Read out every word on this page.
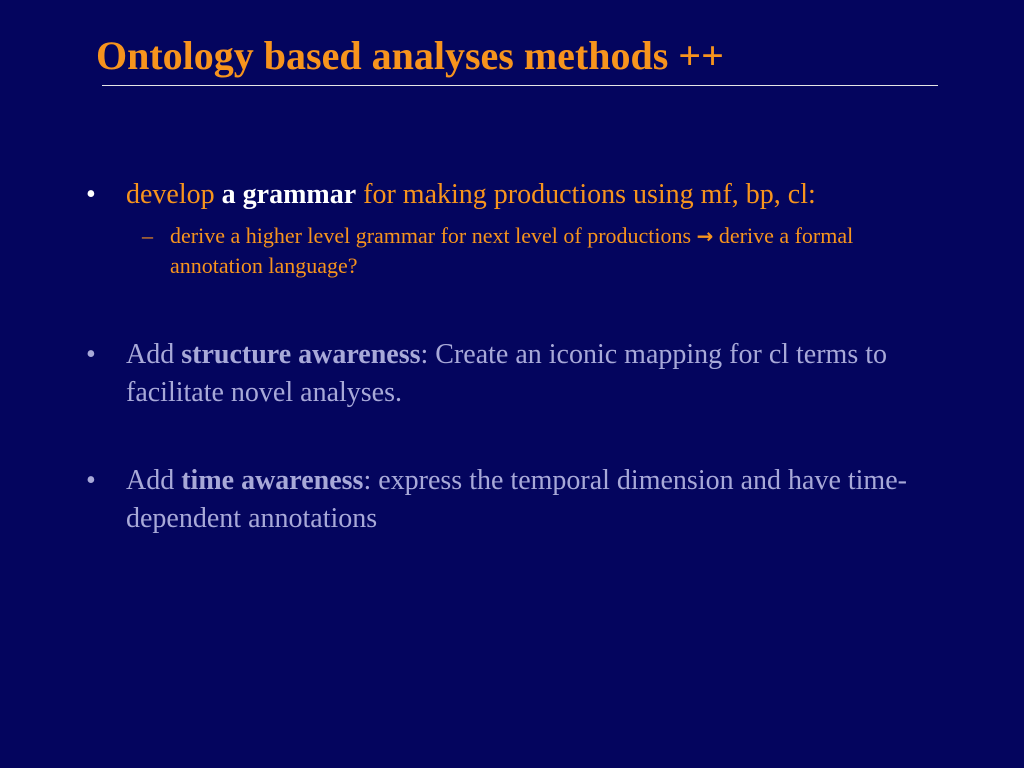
Ontology based analyses methods ++
• develop a grammar for making productions using mf, bp, cl:
– derive a higher level grammar for next level of productions → derive a formal annotation language?
• Add structure awareness: Create an iconic mapping for cl terms to facilitate novel analyses.
• Add time awareness: express the temporal dimension and have time-dependent annotations
